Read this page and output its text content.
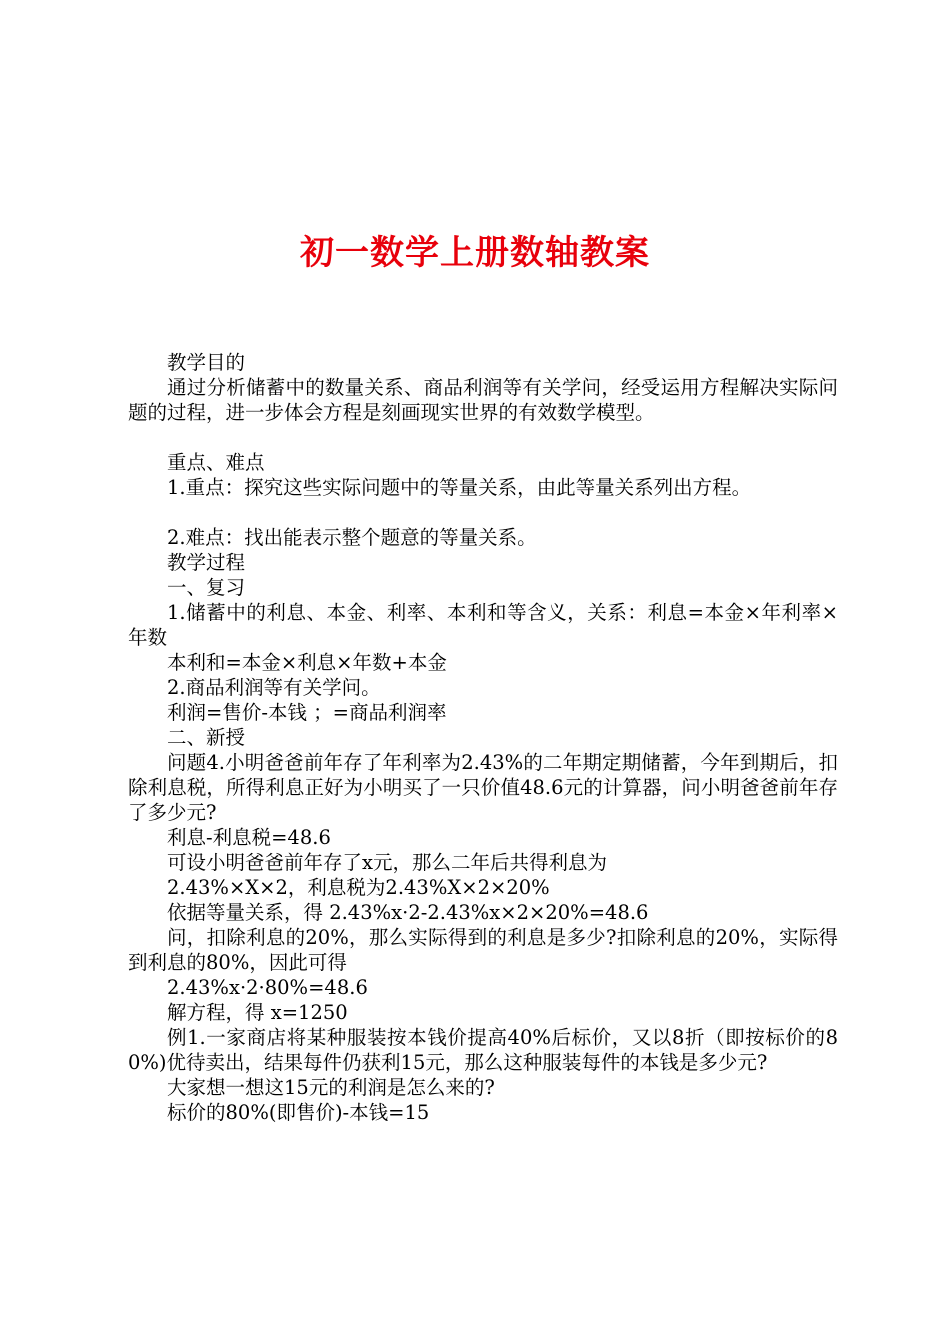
初一数学上册数轴教案

教学目的

通过分析储蓄中的数量关系、商品利润等有关学问，经受运用方程解决实际问题的过程，进一步体会方程是刻画现实世界的有效数学模型。

重点、难点

1.重点：探究这些实际问题中的等量关系，由此等量关系列出方程。

2.难点：找出能表示整个题意的等量关系。

教学过程

一、复习

1.储蓄中的利息、本金、利率、本利和等含义，关系：利息=本金×年利率×年数

本利和=本金×利息×年数+本金

2.商品利润等有关学问。

利润=售价-本钱 ；=商品利润率

二、新授

问题4.小明爸爸前年存了年利率为2.43%的二年期定期储蓄，今年到期后，扣除利息税，所得利息正好为小明买了一只价值48.6元的计算器，问小明爸爸前年存了多少元?

利息-利息税=48.6

可设小明爸爸前年存了x元，那么二年后共得利息为

2.43%×X×2，利息税为2.43%X×2×20%

依据等量关系，得 2.43%x·2-2.43%x×2×20%=48.6

问，扣除利息的20%，那么实际得到的利息是多少?扣除利息的20%，实际得到利息的80%，因此可得

2.43%x·2·80%=48.6

解方程，得 x=1250

例1.一家商店将某种服装按本钱价提高40%后标价，又以8折（即按标价的80%)优待卖出，结果每件仍获利15元，那么这种服装每件的本钱是多少元?

大家想一想这15元的利润是怎么来的?

标价的80%(即售价)-本钱=15
